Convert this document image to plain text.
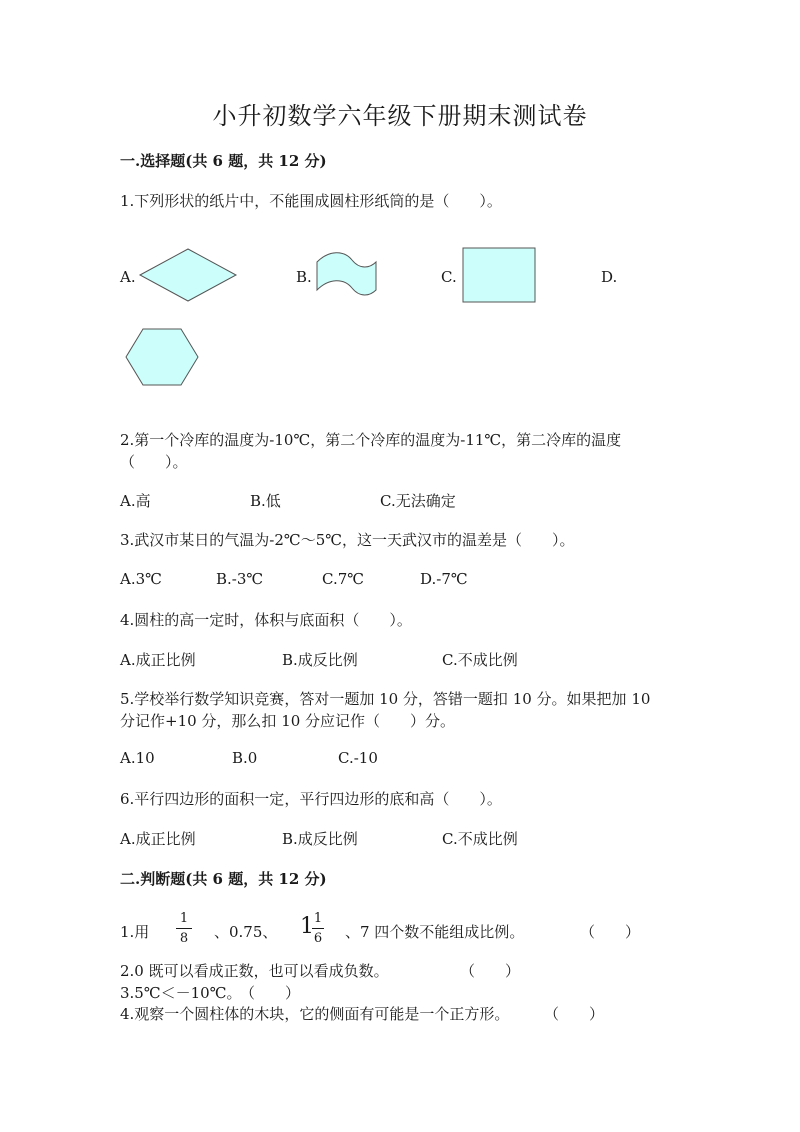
小升初数学六年级下册期末测试卷
一.选择题(共 6 题，共 12 分)
1.下列形状的纸片中，不能围成圆柱形纸筒的是（　　）。
A.	B.	C.	D.
2.第一个冷库的温度为-10℃，第二个冷库的温度为-11℃，第二冷库的温度
（　　）。
A.高	B.低	C.无法确定
3.武汉市某日的气温为-2℃～5℃，这一天武汉市的温差是（　　）。
A.3℃	B.-3℃	C.7℃	D.-7℃
4.圆柱的高一定时，体积与底面积（　　）。
A.成正比例	B.成反比例	C.不成比例
5.学校举行数学知识竞赛，答对一题加 10 分，答错一题扣 10 分。如果把加 10
分记作+10 分，那么扣 10 分应记作（　　）分。
A.10	B.0	C.-10
6.平行四边形的面积一定，平行四边形的底和高（　　）。
A.成正比例	B.成反比例	C.不成比例
二.判断题(共 6 题，共 12 分)
1.用
1
8 、0.75、 1 1
6 、7 四个数不能组成比例。	（　　）
2.0 既可以看成正数，也可以看成负数。	（　　）
3.5℃＜－10℃。
（　　）
4.观察一个圆柱体的木块，它的侧面有可能是一个正方形。 （　　）
